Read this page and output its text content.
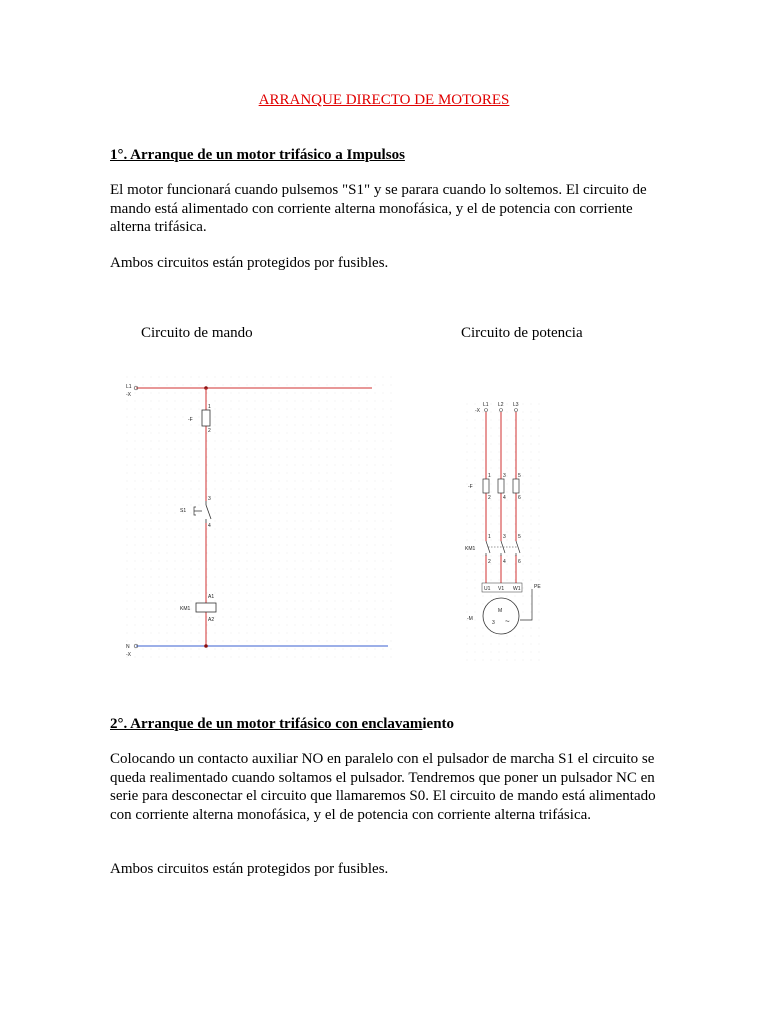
ARRANQUE DIRECTO DE MOTORES
1°. Arranque de un motor trifásico a Impulsos
El motor funcionará cuando pulsemos "S1" y se parara cuando lo soltemos. El circuito de mando está alimentado con corriente alterna monofásica, y el de potencia con corriente alterna trifásica.
Ambos circuitos están protegidos por fusibles.
Circuito de mando	Circuito de potencia
L1
-X
-F
1
2
S1
3
4
KM1
A1
A2
N
-X
L1 L2 L3
-X
-F
1 3 5
2 4 6
KM1
1 3 5
2 4 6
U1 V1 W1	PE
M
3 ~
-M
2°. Arranque de un motor trifásico con enclavamiento
Colocando un contacto auxiliar NO en paralelo con el pulsador de marcha S1 el circuito se queda realimentado cuando soltamos el pulsador. Tendremos que poner un pulsador NC en serie para desconectar el circuito que llamaremos S0. El circuito de mando está alimentado con corriente alterna monofásica, y el de potencia con corriente alterna trifásica.
Ambos circuitos están protegidos por fusibles.
